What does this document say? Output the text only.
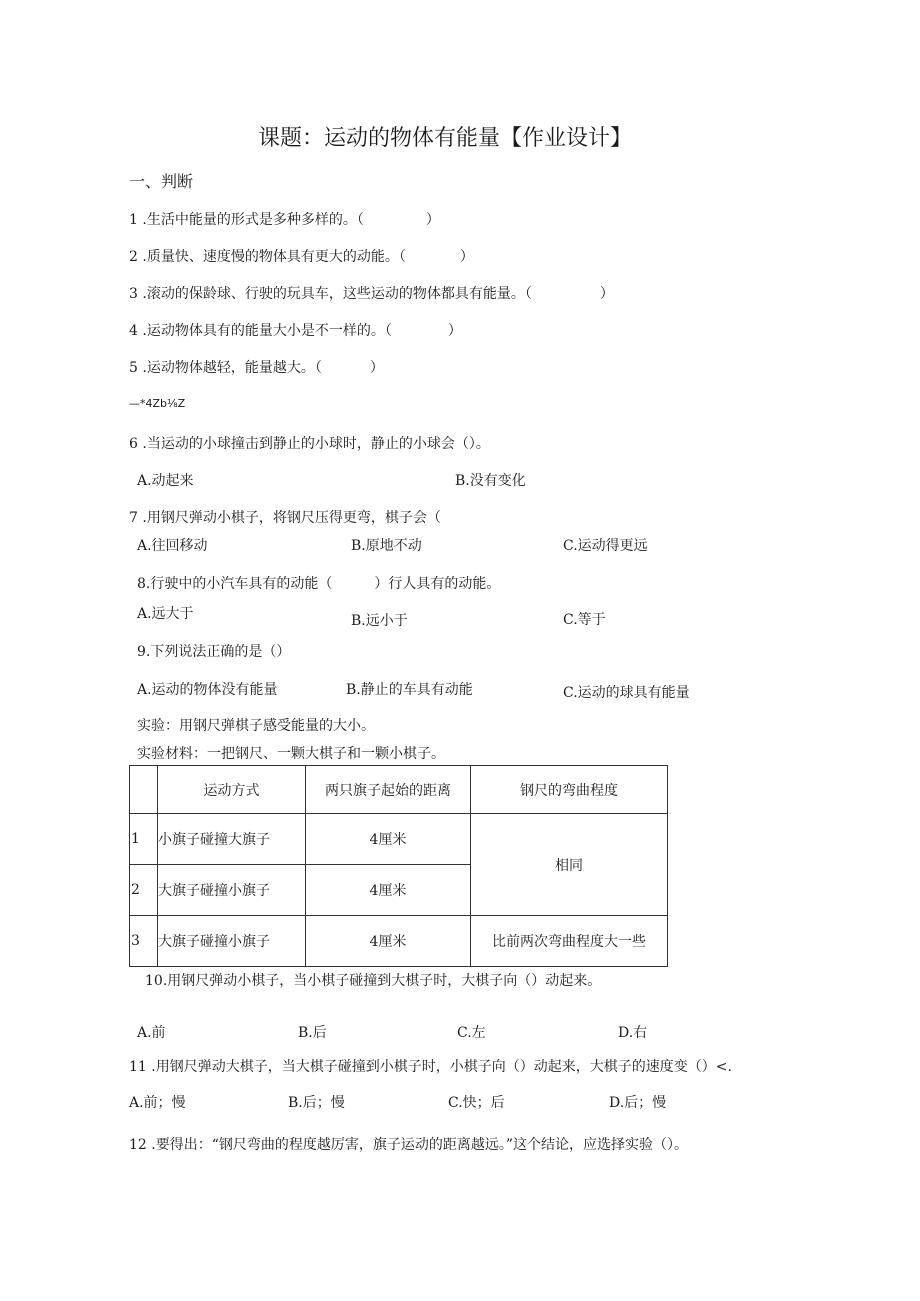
课题：运动的物体有能量【作业设计】
一、判断
1 .生活中能量的形式是多种多样的。（	）
2 .质量快、速度慢的物体具有更大的动能。（	）
3 .滚动的保龄球、行驶的玩具车，这些运动的物体都具有能量。（	）
4 .运动物体具有的能量大小是不一样的。（	）
5 .运动物体越轻，能量越大。（	）
—*4Zb⅛Z
6 .当运动的小球撞击到静止的小球时，静止的小球会（）。
A.动起来	B.没有变化
7 .用钢尺弹动小棋子，将钢尺压得更弯，棋子会（
A.往回移动	B.原地不动	C.运动得更远
8.行驶中的小汽车具有的动能（	）行人具有的动能。
A.远大于	B.远小于	C.等于
9.下列说法正确的是（）
A.运动的物体没有能量	B.静止的车具有动能	C.运动的球具有能量
实验：用钢尺弹棋子感受能量的大小。
实验材料：一把钢尺、一颗大棋子和一颗小棋子。
	运动方式	两只旗子起始的距离	钢尺的弯曲程度
1	小旗子碰撞大旗子	4厘米	相同
2	大旗子碰撞小旗子	4厘米	
3	大旗子碰撞小旗子	4厘米	比前两次弯曲程度大一些
10.用钢尺弹动小棋子，当小棋子碰撞到大棋子时，大棋子向（）动起来。
A.前	B.后	C.左	D.右
11 .用钢尺弹动大棋子，当大棋子碰撞到小棋子时，小棋子向（）动起来，大棋子的速度变（）<.
A.前；慢	B.后；慢	C.快；后	D.后；慢
12 .要得出：“钢尺弯曲的程度越厉害，旗子运动的距离越远。”这个结论，应选择实验（）。
